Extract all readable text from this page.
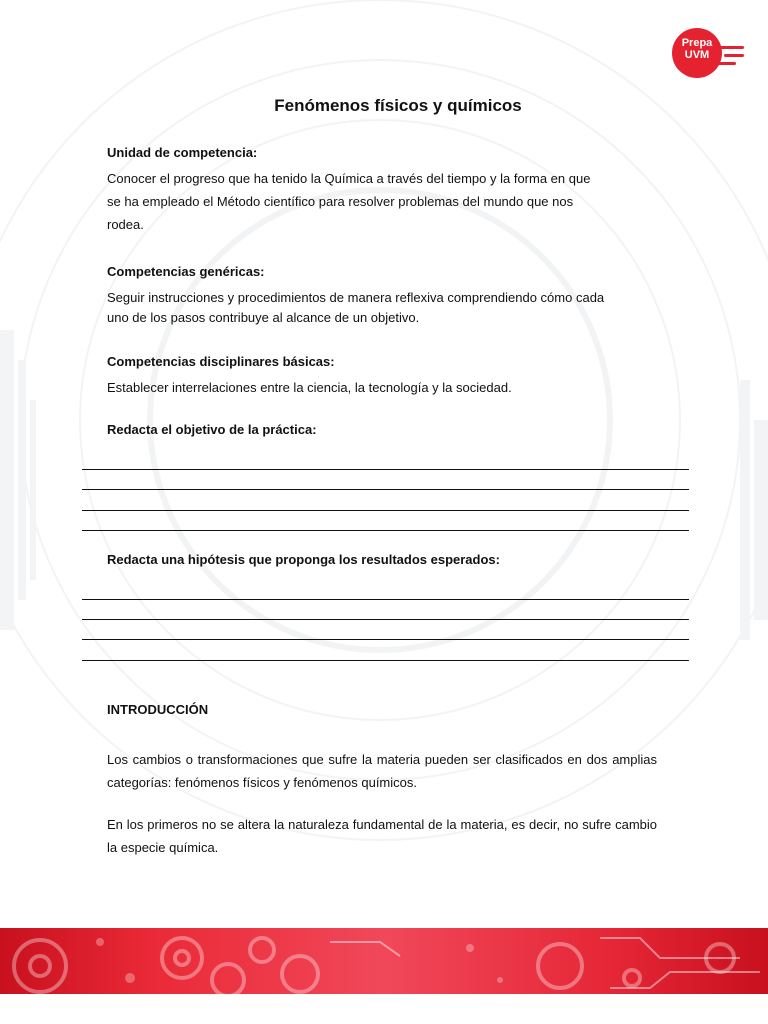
Prepa
UVM
Fenómenos físicos y químicos
Unidad de competencia:
Conocer el progreso que ha tenido la Química a través del tiempo y la forma en que se ha empleado el Método científico para resolver problemas del mundo que nos rodea.
Competencias genéricas:
Seguir instrucciones y procedimientos de manera reflexiva comprendiendo cómo cada uno de los pasos contribuye al alcance de un objetivo.
Competencias disciplinares básicas:
Establecer interrelaciones entre la ciencia, la tecnología y la sociedad.
Redacta el objetivo de la práctica:
Redacta una hipótesis que proponga los resultados esperados:
INTRODUCCIÓN
Los cambios o transformaciones que sufre la materia pueden ser clasificados en dos amplias categorías: fenómenos físicos y fenómenos químicos.
En los primeros no se altera la naturaleza fundamental de la materia, es decir, no sufre cambio la especie química.
